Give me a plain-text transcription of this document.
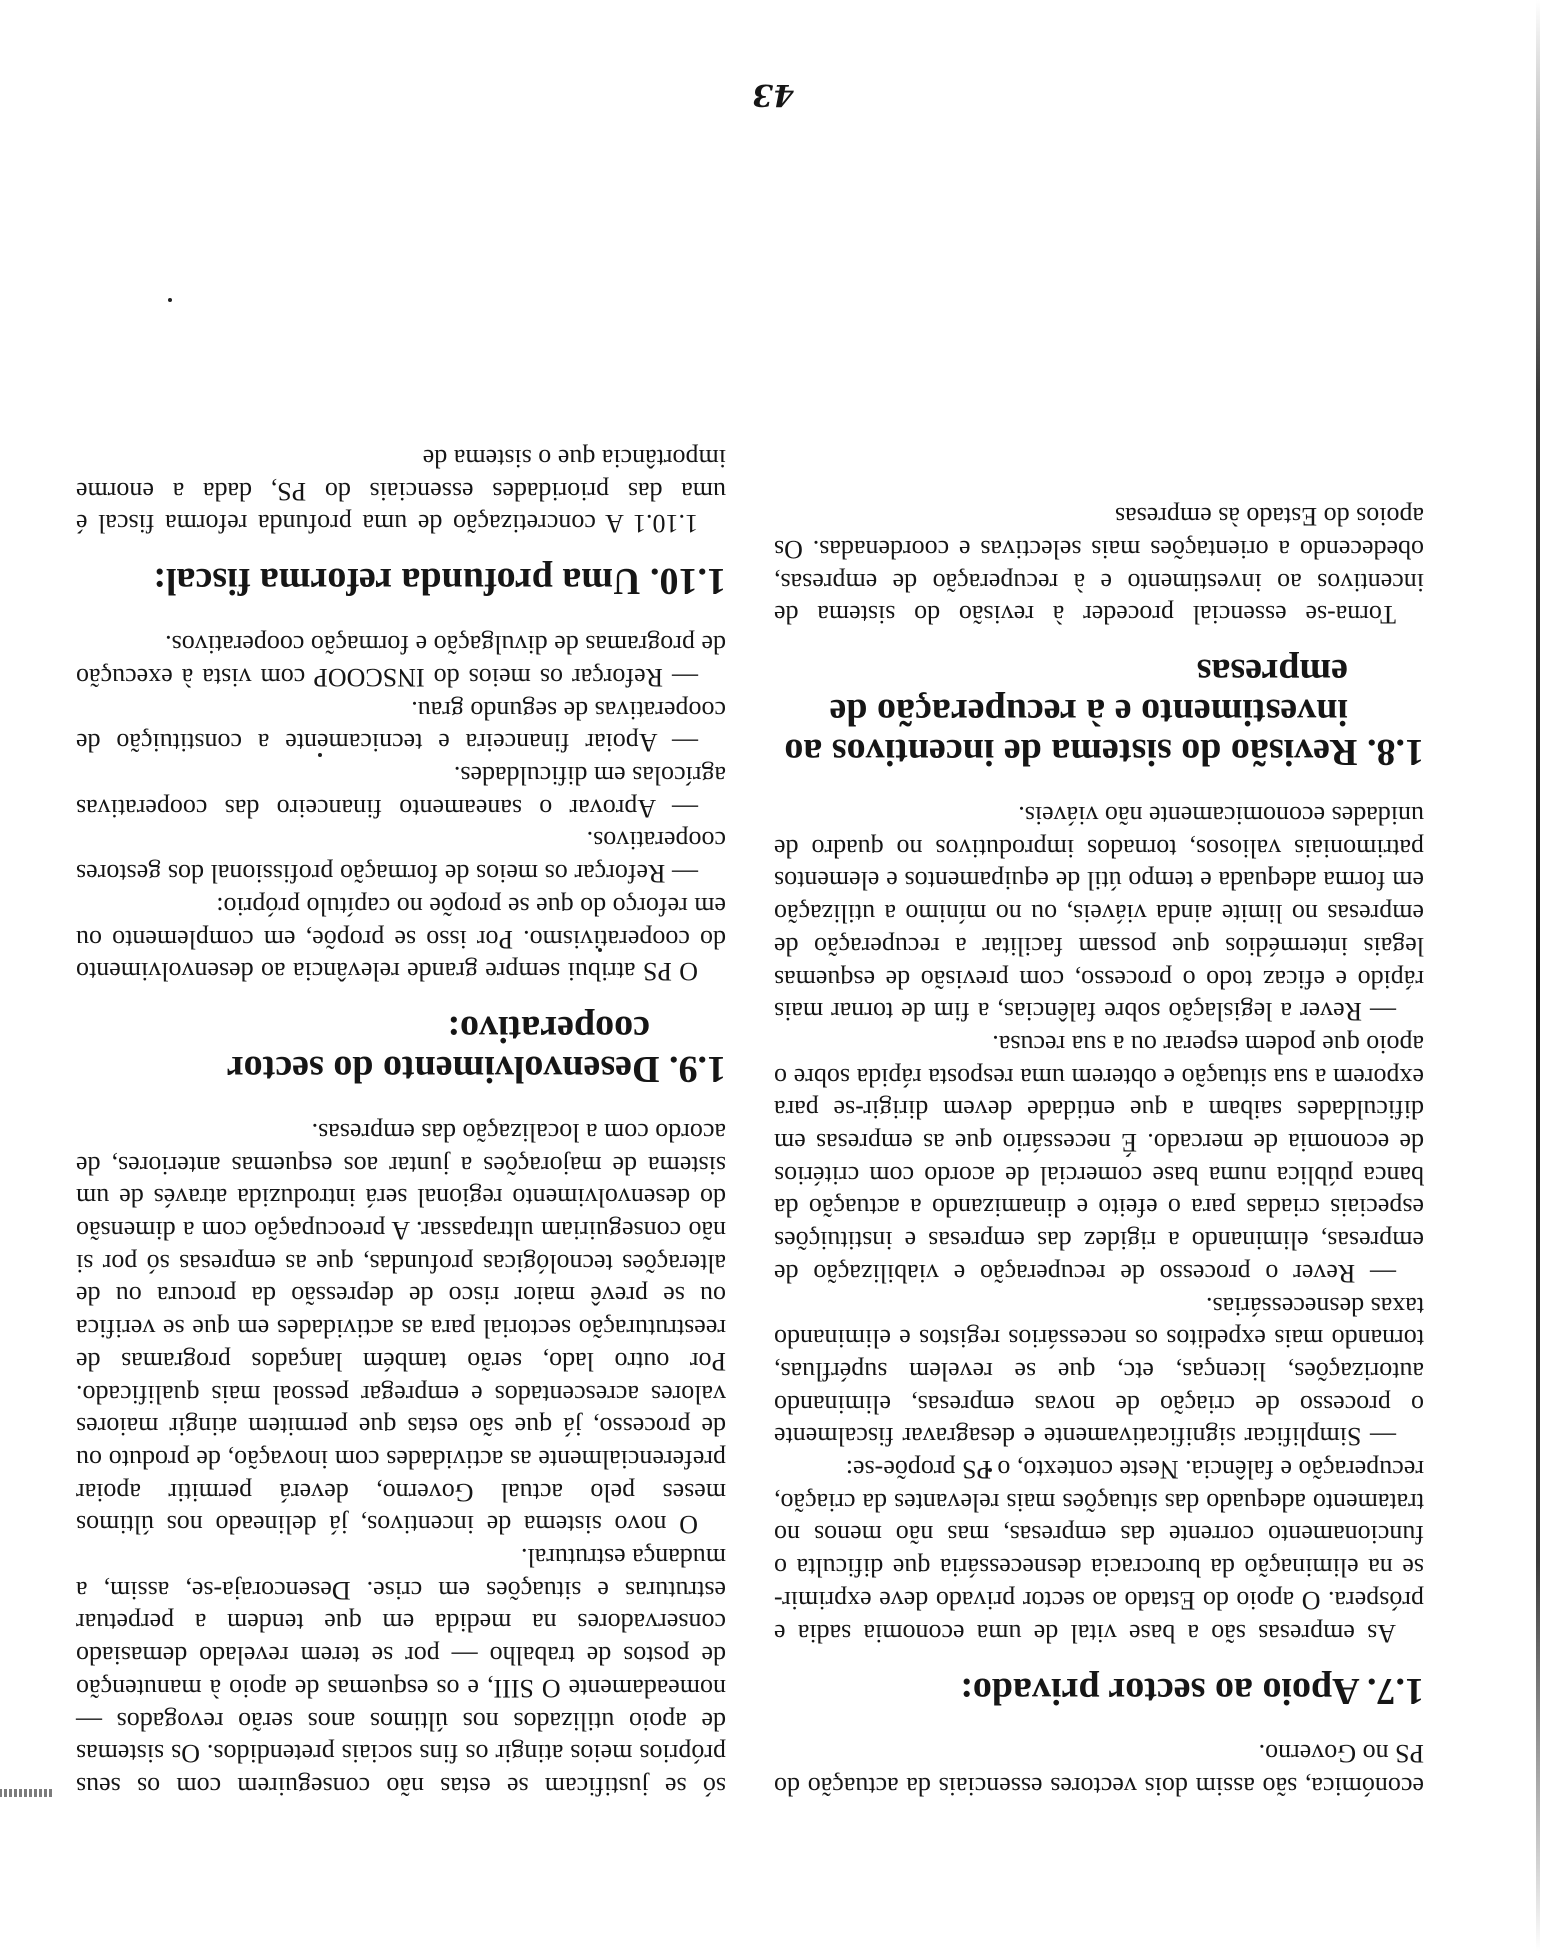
económica, são assim dois vectores essenciais da actuação do PS no Governo.

1.7. Apoio ao sector privado:

As empresas são a base vital de uma economia sadia e próspera. O apoio do Estado ao sector privado deve exprimir-se na eliminação da burocracia desnecessária que dificulta o funcionamento corrente das empresas, mas não menos no tratamento adequado das situações mais relevantes da criação, recuperação e falência. Neste contexto, o PS propõe-se:

— Simplificar significativamente e desagravar fiscalmente o processo de criação de novas empresas, eliminando autorizações, licenças, etc, que se revelem supérfluas, tornando mais expeditos os necessários registos e eliminando taxas desnecessárias.

— Rever o processo de recuperação e viabilização de empresas, eliminando a rigidez das empresas e instituições especiais criadas para o efeito e dinamizando a actuação da banca pública numa base comercial de acordo com critérios de economia de mercado. É necessário que as empresas em dificuldades saibam a que entidade devem dirigir-se para exporem a sua situação e obterem uma resposta rápida sobre o apoio que podem esperar ou a sua recusa.

— Rever a legislação sobre falências, a fim de tornar mais rápido e eficaz todo o processo, com previsão de esquemas legais intermédios que possam facilitar a recuperação de empresas no limite ainda viáveis, ou no mínimo a utilização em forma adequada e tempo útil de equipamentos e elementos patrimoniais valiosos, tornados improdutivos no quadro de unidades economicamente não viáveis.

1.8. Revisão do sistema de incentivos ao investimento e à recuperação de empresas

Torna-se essencial proceder à revisão do sistema de incentivos ao investimento e à recuperação de empresas, obedecendo a orientações mais selectivas e coordenadas. Os apoios do Estado às empresas

só se justificam se estas não conseguirem com os seus próprios meios atingir os fins sociais pretendidos. Os sistemas de apoio utilizados nos últimos anos serão revogados — nomeadamente O SIII, e os esquemas de apoio à manutenção de postos de trabalho — por se terem revelado demasiado conservadores na medida em que tendem a perpetuar estruturas e situações em crise. Desencoraja-se, assim, a mudança estrutural.

O novo sistema de incentivos, já delineado nos últimos meses pelo actual Governo, deverá permitir apoiar preferencialmente as actividades com inovação, de produto ou de processo, já que são estas que permitem atingir maiores valores acrescentados e empregar pessoal mais qualificado. Por outro lado, serão também lançados programas de reestruturação sectorial para as actividades em que se verifica ou se prevê maior risco de depressão da procura ou de alterações tecnológicas profundas, que as empresas só por si não conseguiriam ultrapassar. A preocupação com a dimensão do desenvolvimento regional será introduzida através de um sistema de majorações a juntar aos esquemas anteriores, de acordo com a localização das empresas.

1.9. Desenvolvimento do sector cooperativo:

O PS atribui sempre grande relevância ao desenvolvimento do cooperativismo. Por isso se propõe, em complemento ou em reforço do que se propõe no capítulo próprio:

— Reforçar os meios de formação profissional dos gestores cooperativos.

— Aprovar o saneamento financeiro das cooperativas agrícolas em dificuldades.

— Apoiar financeira e tecnicamente a constituição de cooperativas de segundo grau.

— Reforçar os meios do INSCOOP com vista à execução de programas de divulgação e formação cooperativos.

1.10. Uma profunda reforma fiscal:

1.10.1 A concretização de uma profunda reforma fiscal é uma das prioridades essenciais do PS, dada a enorme importância que o sistema de

43
